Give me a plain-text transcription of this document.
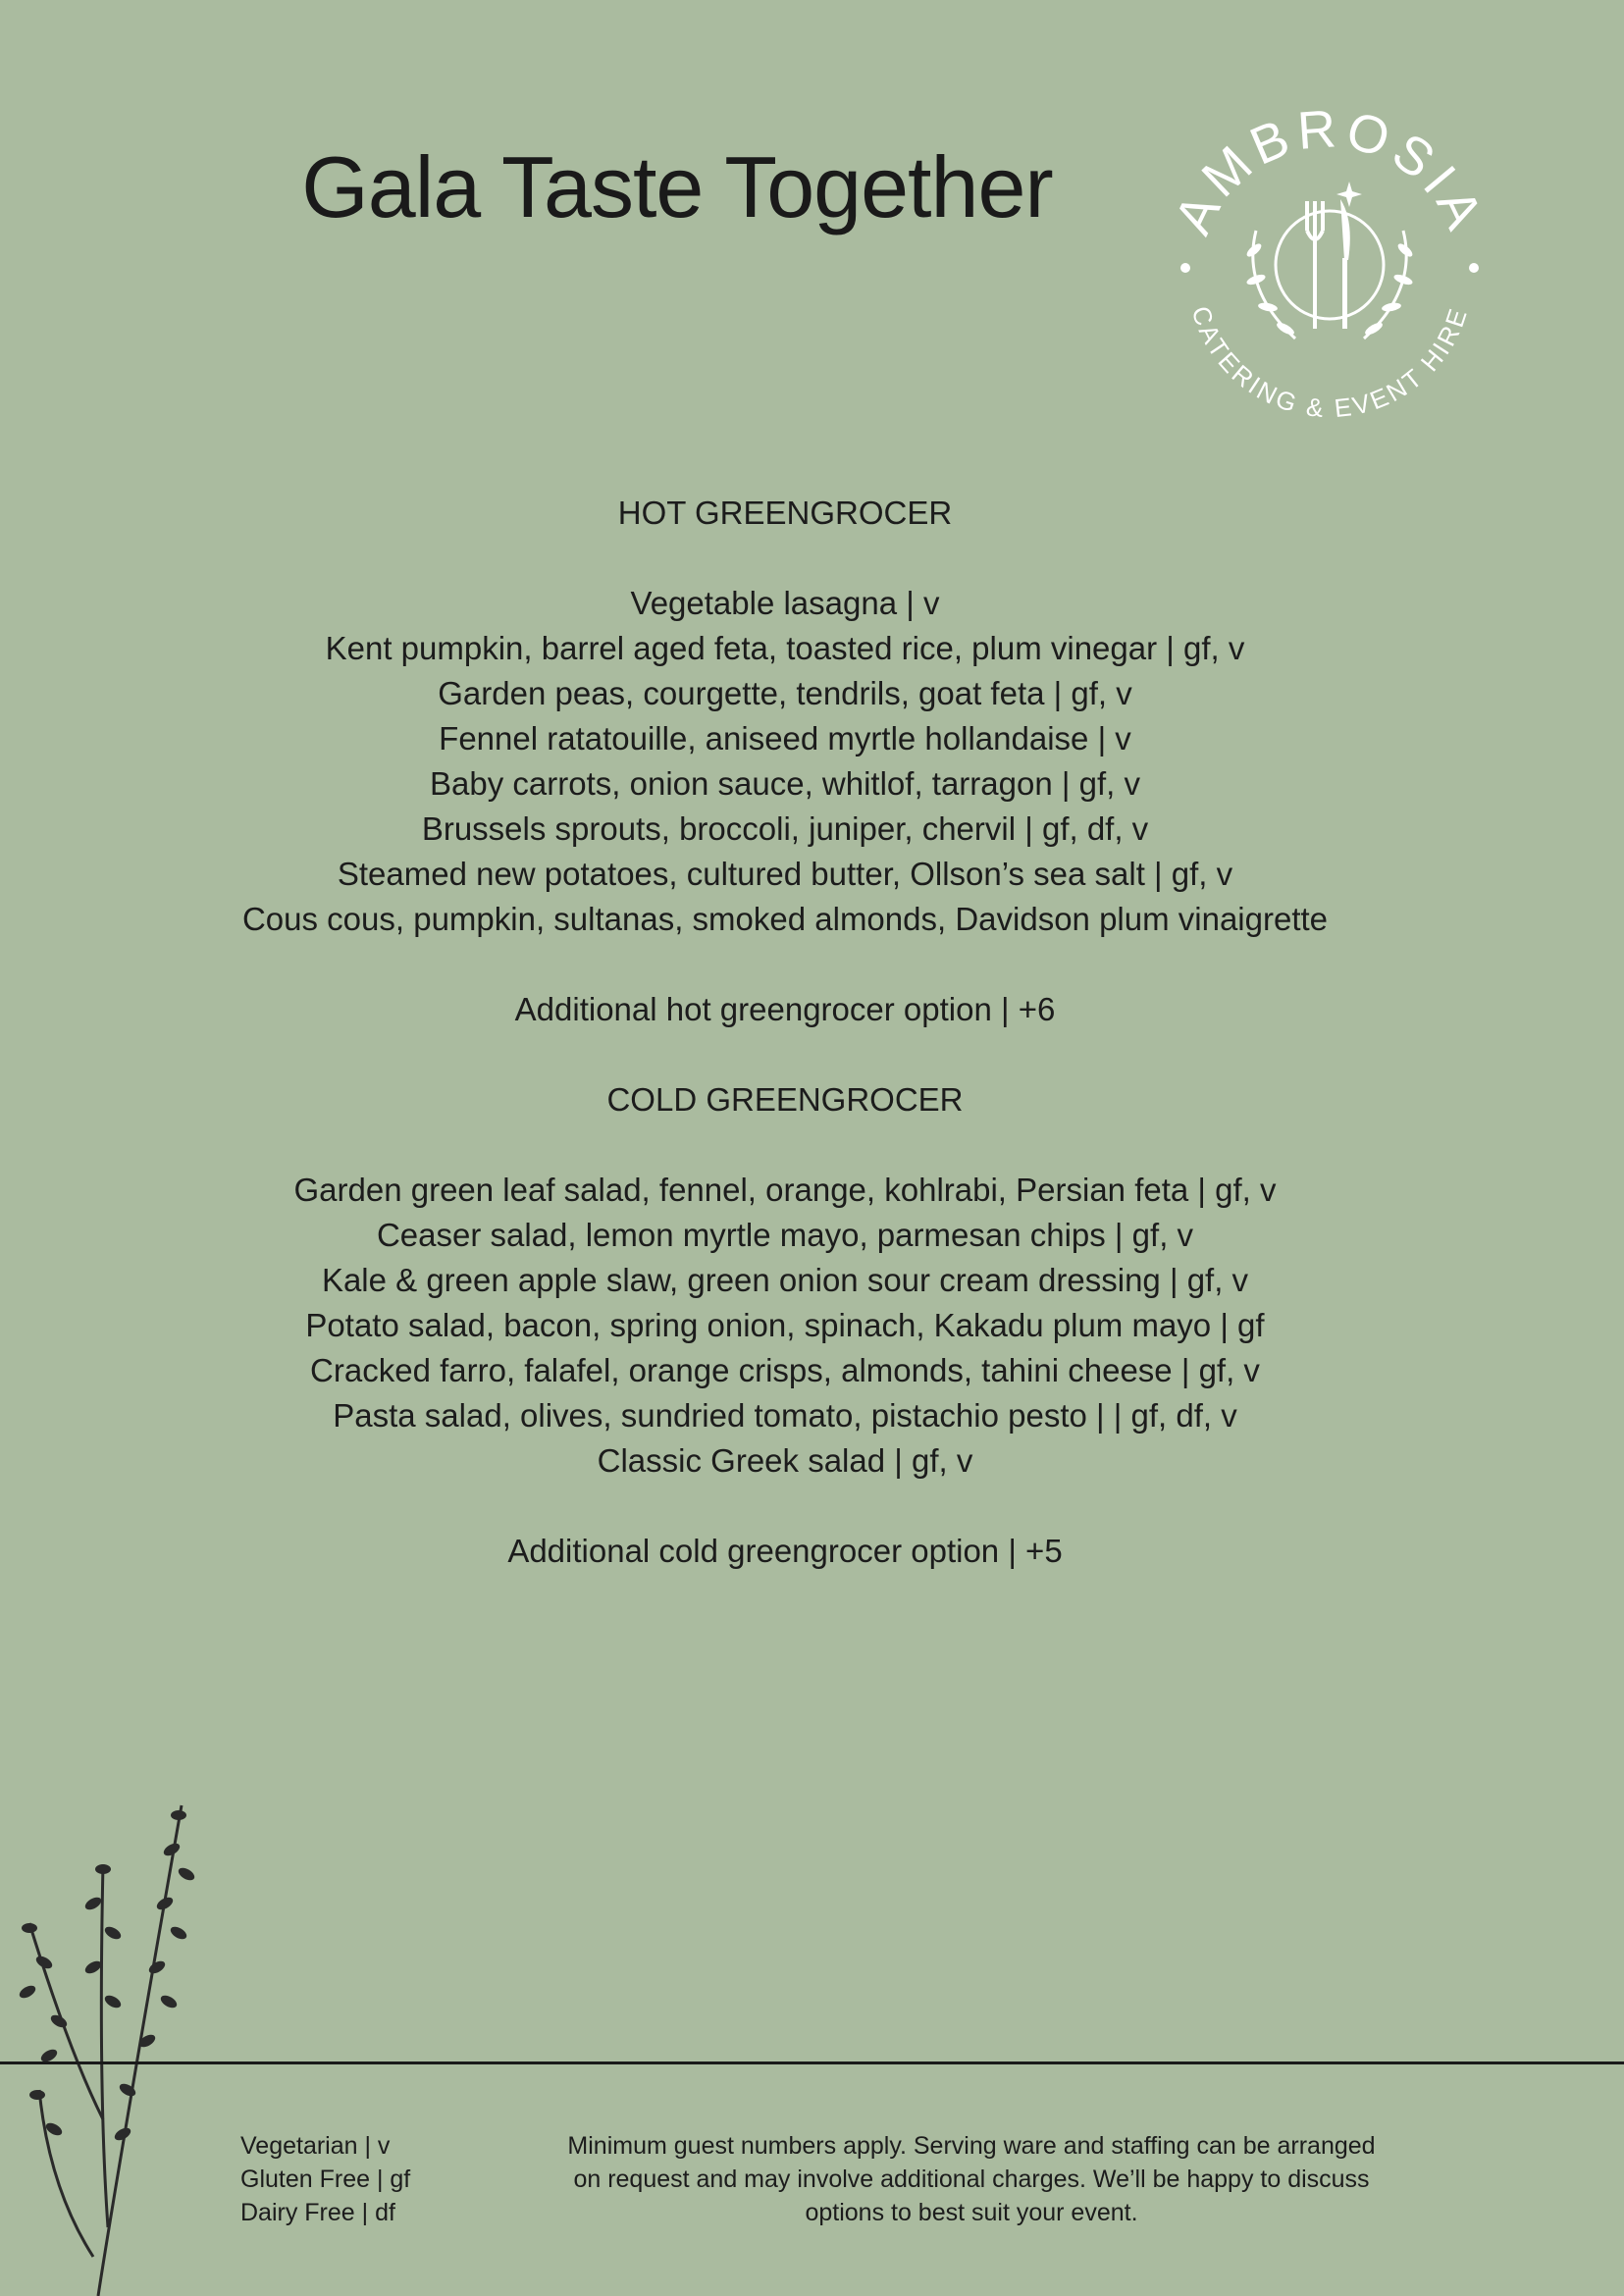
Gala Taste Together	AMBROSIA
CATERING & EVENT HIRE

HOT GREENGROCER

Vegetable lasagna | v

Kent pumpkin, barrel aged feta, toasted rice, plum vinegar | gf, v

Garden peas, courgette, tendrils, goat feta | gf, v

Fennel ratatouille, aniseed myrtle hollandaise | v

Baby carrots, onion sauce, whitlof, tarragon | gf, v

Brussels sprouts, broccoli, juniper, chervil | gf, df, v

Steamed new potatoes, cultured butter, Ollson’s sea salt | gf, v

Cous cous, pumpkin, sultanas, smoked almonds, Davidson plum vinaigrette

Additional hot greengrocer option | +6

COLD GREENGROCER

Garden green leaf salad, fennel, orange, kohlrabi, Persian feta | gf, v

Ceaser salad, lemon myrtle mayo, parmesan chips | gf, v

Kale & green apple slaw, green onion sour cream dressing | gf, v

Potato salad, bacon, spring onion, spinach, Kakadu plum mayo | gf

Cracked farro, falafel, orange crisps, almonds, tahini cheese | gf, v

Pasta salad, olives, sundried tomato, pistachio pesto | | gf, df, v

Classic Greek salad | gf, v

Additional cold greengrocer option | +5

Vegetarian | v
Gluten Free | gf
Dairy Free | df
Minimum guest numbers apply. Serving ware and staffing can be arranged
on request and may involve additional charges. We’ll be happy to discuss
options to best suit your event.
